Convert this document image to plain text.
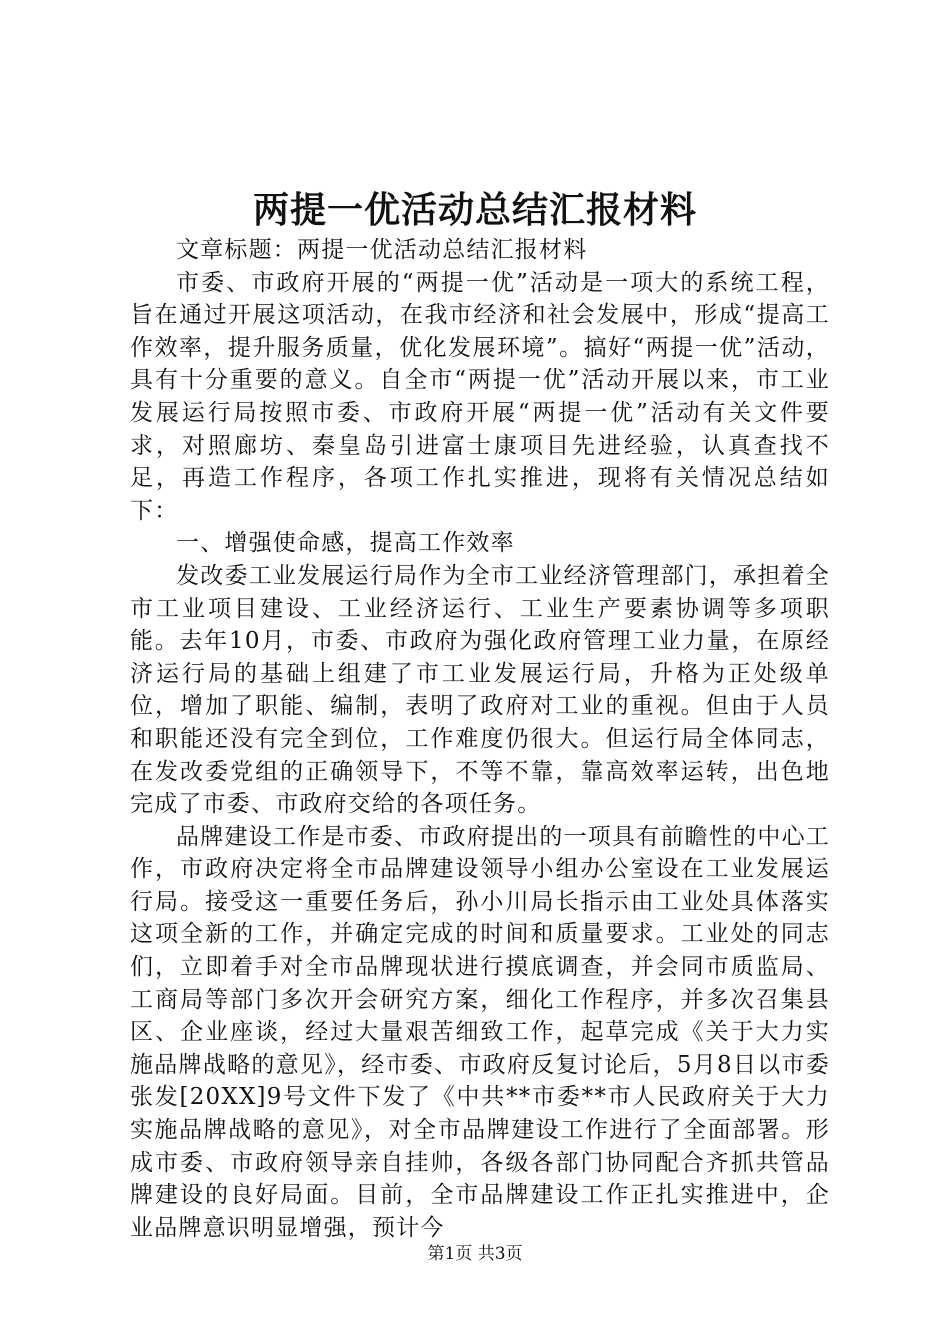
两提一优活动总结汇报材料

文章标题：两提一优活动总结汇报材料

市委、市政府开展的“两提一优”活动是一项大的系统工程，旨在通过开展这项活动，在我市经济和社会发展中，形成“提高工作效率，提升服务质量，优化发展环境”。搞好“两提一优”活动，具有十分重要的意义。自全市“两提一优”活动开展以来，市工业发展运行局按照市委、市政府开展“两提一优”活动有关文件要求，对照廊坊、秦皇岛引进富士康项目先进经验，认真查找不足，再造工作程序，各项工作扎实推进，现将有关情况总结如下：

一、增强使命感，提高工作效率

发改委工业发展运行局作为全市工业经济管理部门，承担着全市工业项目建设、工业经济运行、工业生产要素协调等多项职能。去年10月，市委、市政府为强化政府管理工业力量，在原经济运行局的基础上组建了市工业发展运行局，升格为正处级单位，增加了职能、编制，表明了政府对工业的重视。但由于人员和职能还没有完全到位，工作难度仍很大。但运行局全体同志，在发改委党组的正确领导下，不等不靠，靠高效率运转，出色地完成了市委、市政府交给的各项任务。

品牌建设工作是市委、市政府提出的一项具有前瞻性的中心工作，市政府决定将全市品牌建设领导小组办公室设在工业发展运行局。接受这一重要任务后，孙小川局长指示由工业处具体落实这项全新的工作，并确定完成的时间和质量要求。工业处的同志们，立即着手对全市品牌现状进行摸底调查，并会同市质监局、工商局等部门多次开会研究方案，细化工作程序，并多次召集县区、企业座谈，经过大量艰苦细致工作，起草完成《关于大力实施品牌战略的意见》，经市委、市政府反复讨论后，5月8日以市委张发[20XX]9号文件下发了《中共**市委**市人民政府关于大力实施品牌战略的意见》，对全市品牌建设工作进行了全面部署。形成市委、市政府领导亲自挂帅，各级各部门协同配合齐抓共管品牌建设的良好局面。目前，全市品牌建设工作正扎实推进中，企业品牌意识明显增强，预计今

第1页 共3页
